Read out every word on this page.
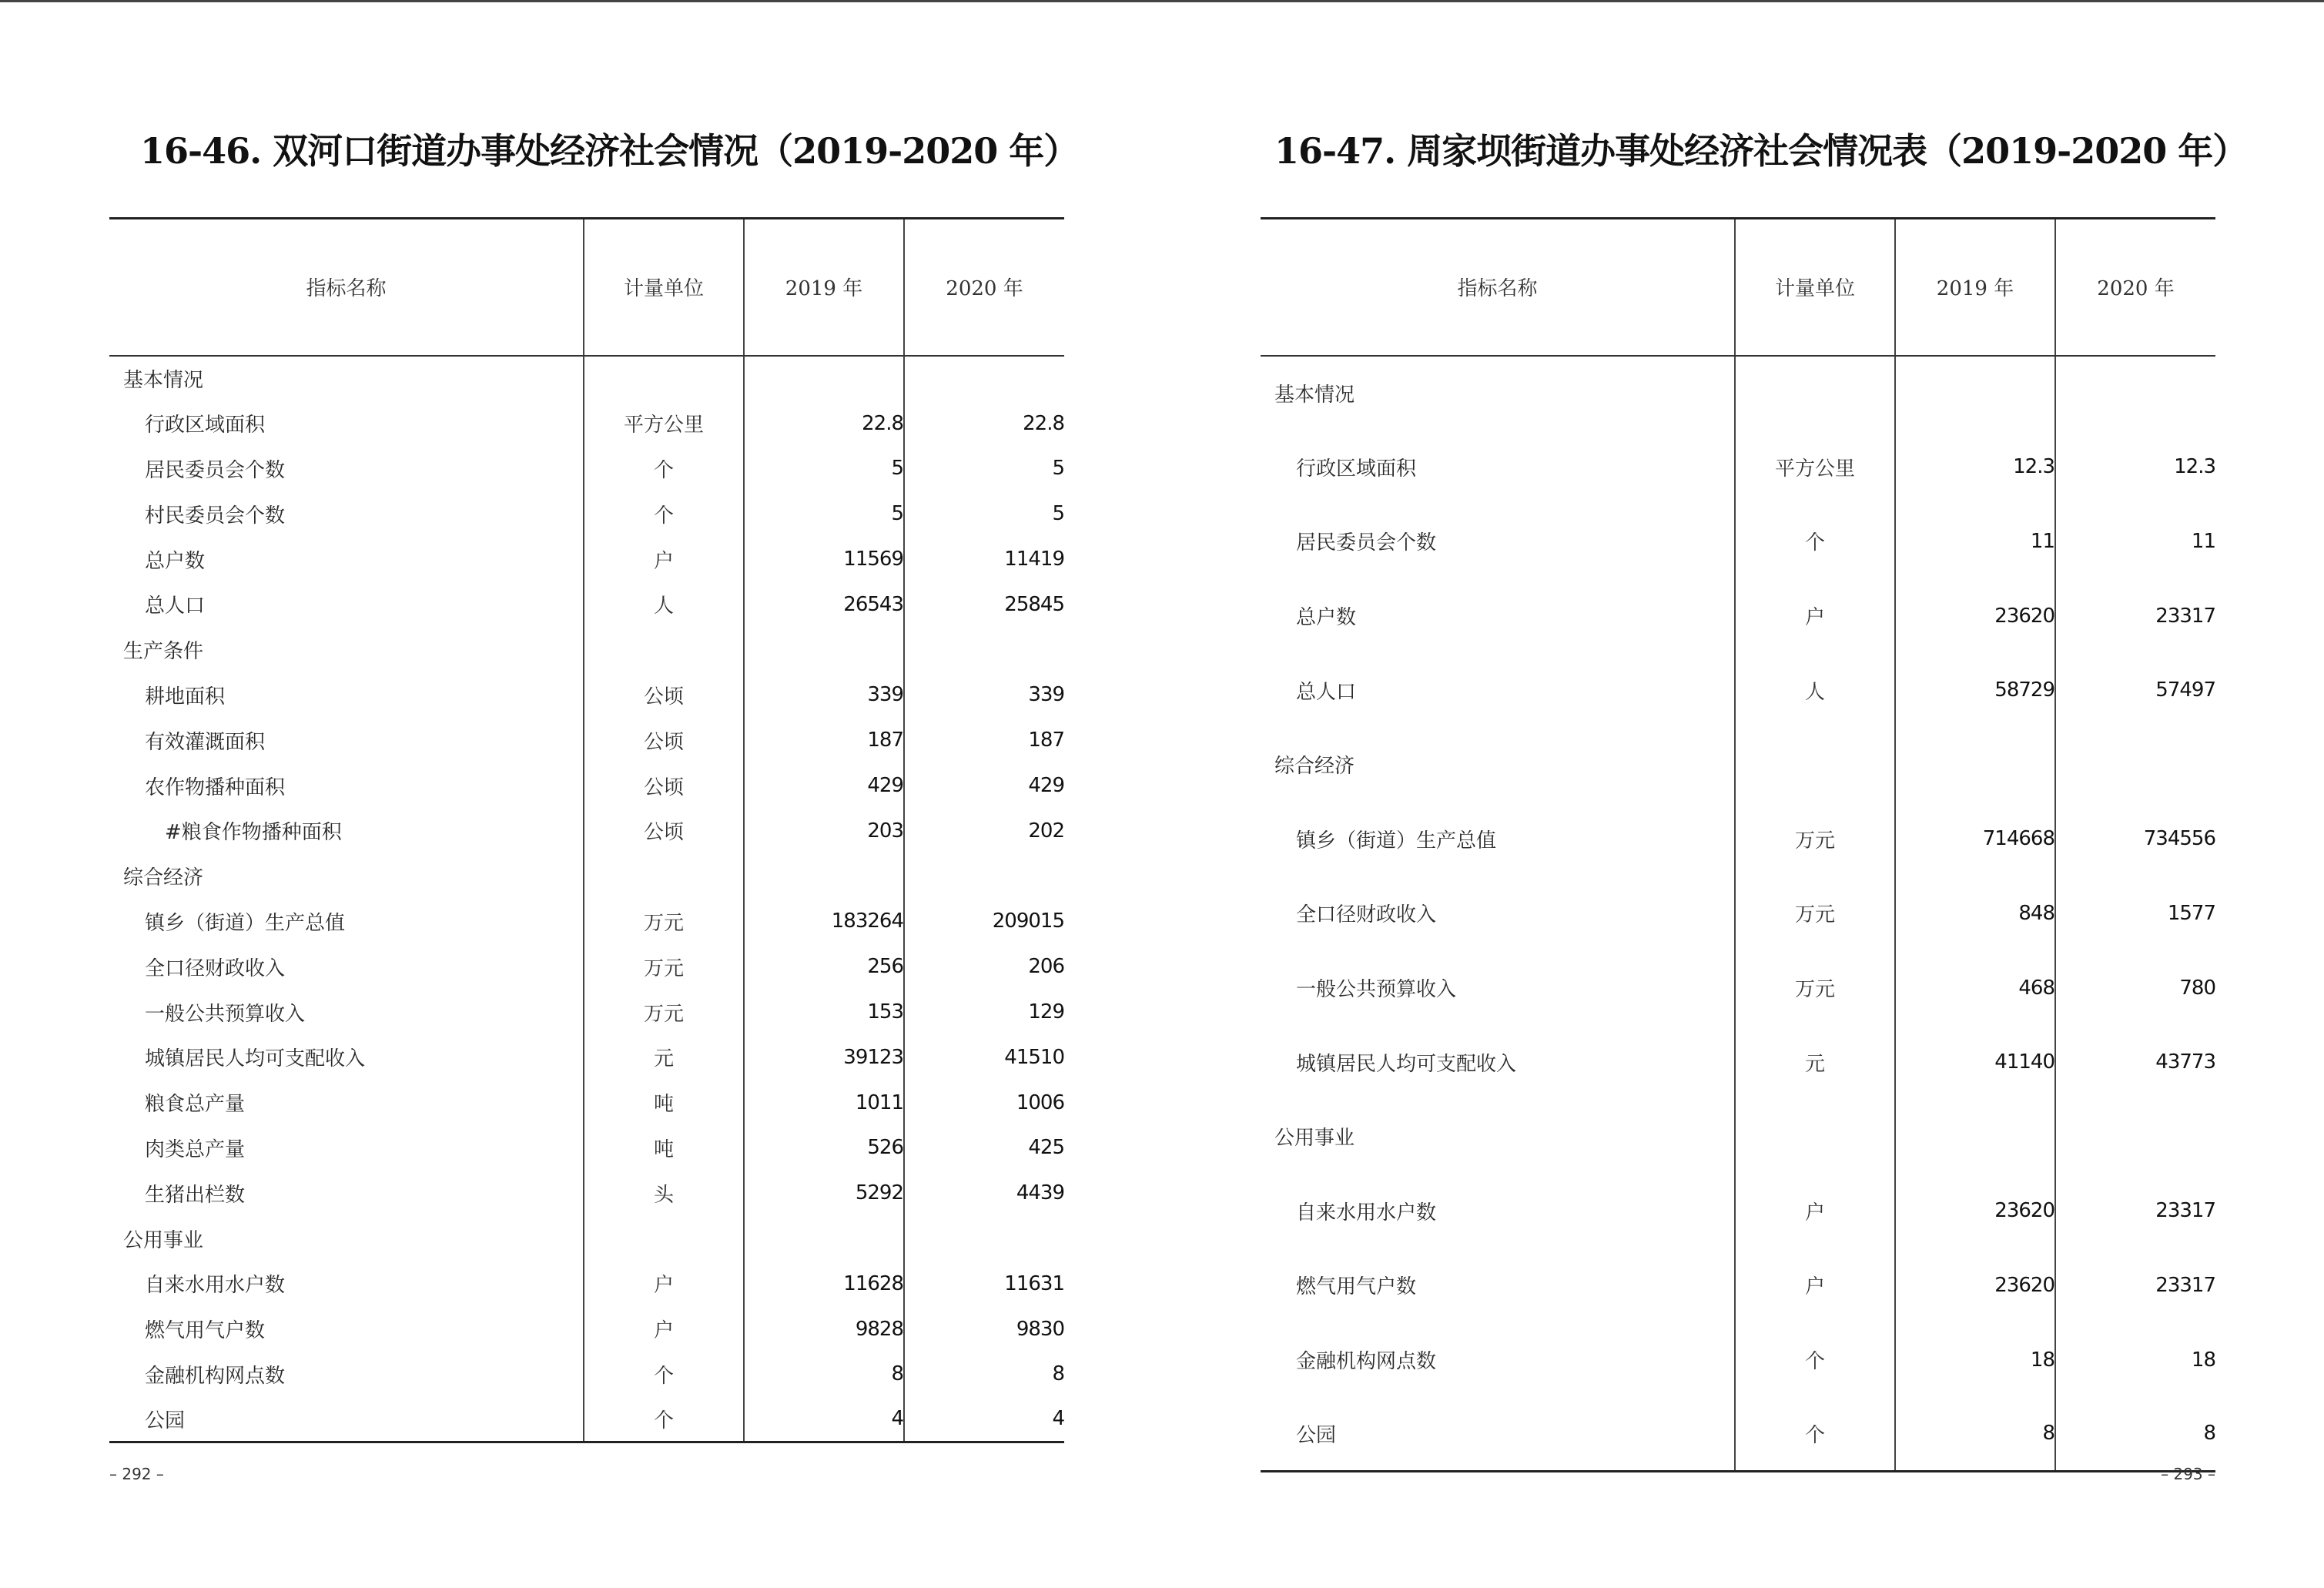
16-46. 双河口街道办事处经济社会情况（2019-2020 年）
指标名称	计量单位	2019 年	2020 年
基本情况			
行政区域面积	平方公里	22.8	22.8
居民委员会个数	个	5	5
村民委员会个数	个	5	5
总户数	户	11569	11419
总人口	人	26543	25845
生产条件			
耕地面积	公顷	339	339
有效灌溉面积	公顷	187	187
农作物播种面积	公顷	429	429
#粮食作物播种面积	公顷	203	202
综合经济			
镇乡（街道）生产总值	万元	183264	209015
全口径财政收入	万元	256	206
一般公共预算收入	万元	153	129
城镇居民人均可支配收入	元	39123	41510
粮食总产量	吨	1011	1006
肉类总产量	吨	526	425
生猪出栏数	头	5292	4439
公用事业			
自来水用水户数	户	11628	11631
燃气用气户数	户	9828	9830
金融机构网点数	个	8	8
公园	个	4	4
– 292 –
16-47. 周家坝街道办事处经济社会情况表（2019-2020 年）
指标名称	计量单位	2019 年	2020 年
基本情况			
行政区域面积	平方公里	12.3	12.3
居民委员会个数	个	11	11
总户数	户	23620	23317
总人口	人	58729	57497
综合经济			
镇乡（街道）生产总值	万元	714668	734556
全口径财政收入	万元	848	1577
一般公共预算收入	万元	468	780
城镇居民人均可支配收入	元	41140	43773
公用事业			
自来水用水户数	户	23620	23317
燃气用气户数	户	23620	23317
金融机构网点数	个	18	18
公园	个	8	8
– 293 –
